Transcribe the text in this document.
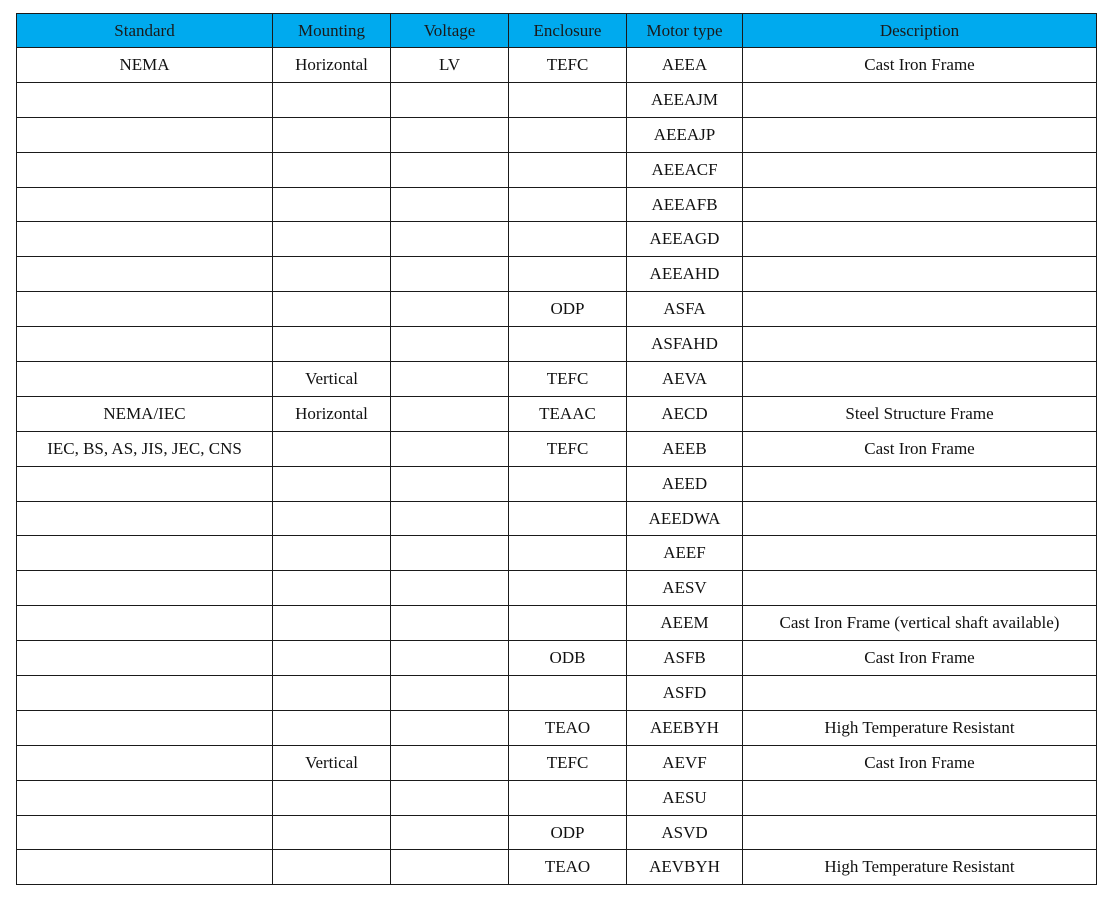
Standard	Mounting	Voltage	Enclosure	Motor type	Description
NEMA	Horizontal	LV	TEFC	AEEA	Cast Iron Frame
				AEEAJM	
				AEEAJP	
				AEEACF	
				AEEAFB	
				AEEAGD	
				AEEAHD	
			ODP	ASFA	
				ASFAHD	
	Vertical		TEFC	AEVA	
NEMA/IEC	Horizontal		TEAAC	AECD	Steel Structure Frame
IEC, BS, AS, JIS, JEC, CNS			TEFC	AEEB	Cast Iron Frame
				AEED	
				AEEDWA	
				AEEF	
				AESV	
				AEEM	Cast Iron Frame (vertical shaft available)
			ODB	ASFB	Cast Iron Frame
				ASFD	
			TEAO	AEEBYH	High Temperature Resistant
	Vertical		TEFC	AEVF	Cast Iron Frame
				AESU	
			ODP	ASVD	
			TEAO	AEVBYH	High Temperature Resistant
